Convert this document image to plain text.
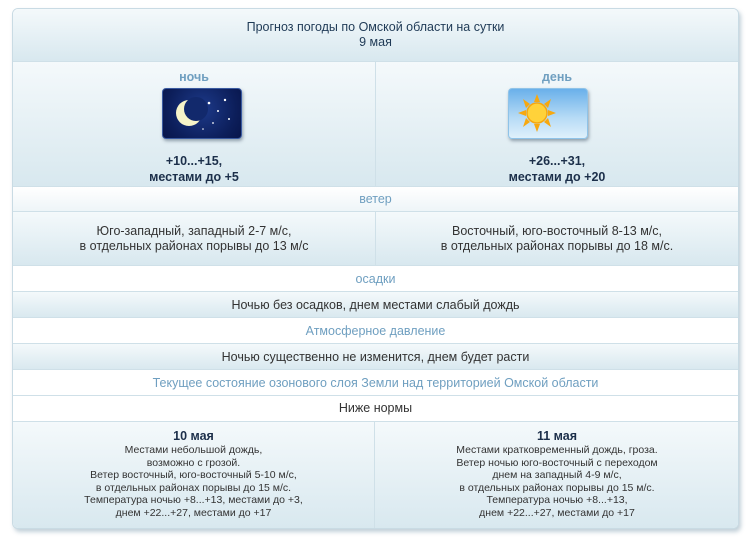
Прогноз погоды по Омской области на сутки
9 мая
ночь
+10...+15,
местами до +5
день
+26...+31,
местами до +20
ветер
Юго-западный, западный 2-7 м/с,
в отдельных районах порывы до 13 м/с
Восточный, юго-восточный 8-13 м/с,
в отдельных районах порывы до 18 м/с.
осадки
Ночью без осадков, днем местами слабый дождь
Атмосферное давление
Ночью существенно не изменится, днем будет расти
Текущее состояние озонового слоя Земли над территорией Омской области
Ниже нормы
10 мая
Местами небольшой дождь,
возможно с грозой.
Ветер восточный, юго-восточный 5-10 м/с,
в отдельных районах порывы до 15 м/с.
Температура ночью +8...+13, местами до +3,
днем +22...+27, местами до +17
11 мая
Местами кратковременный дождь, гроза.
Ветер ночью юго-восточный с переходом
днем на западный 4-9 м/с,
в отдельных районах порывы до 15 м/с.
Температура ночью +8...+13,
днем +22...+27, местами до +17
